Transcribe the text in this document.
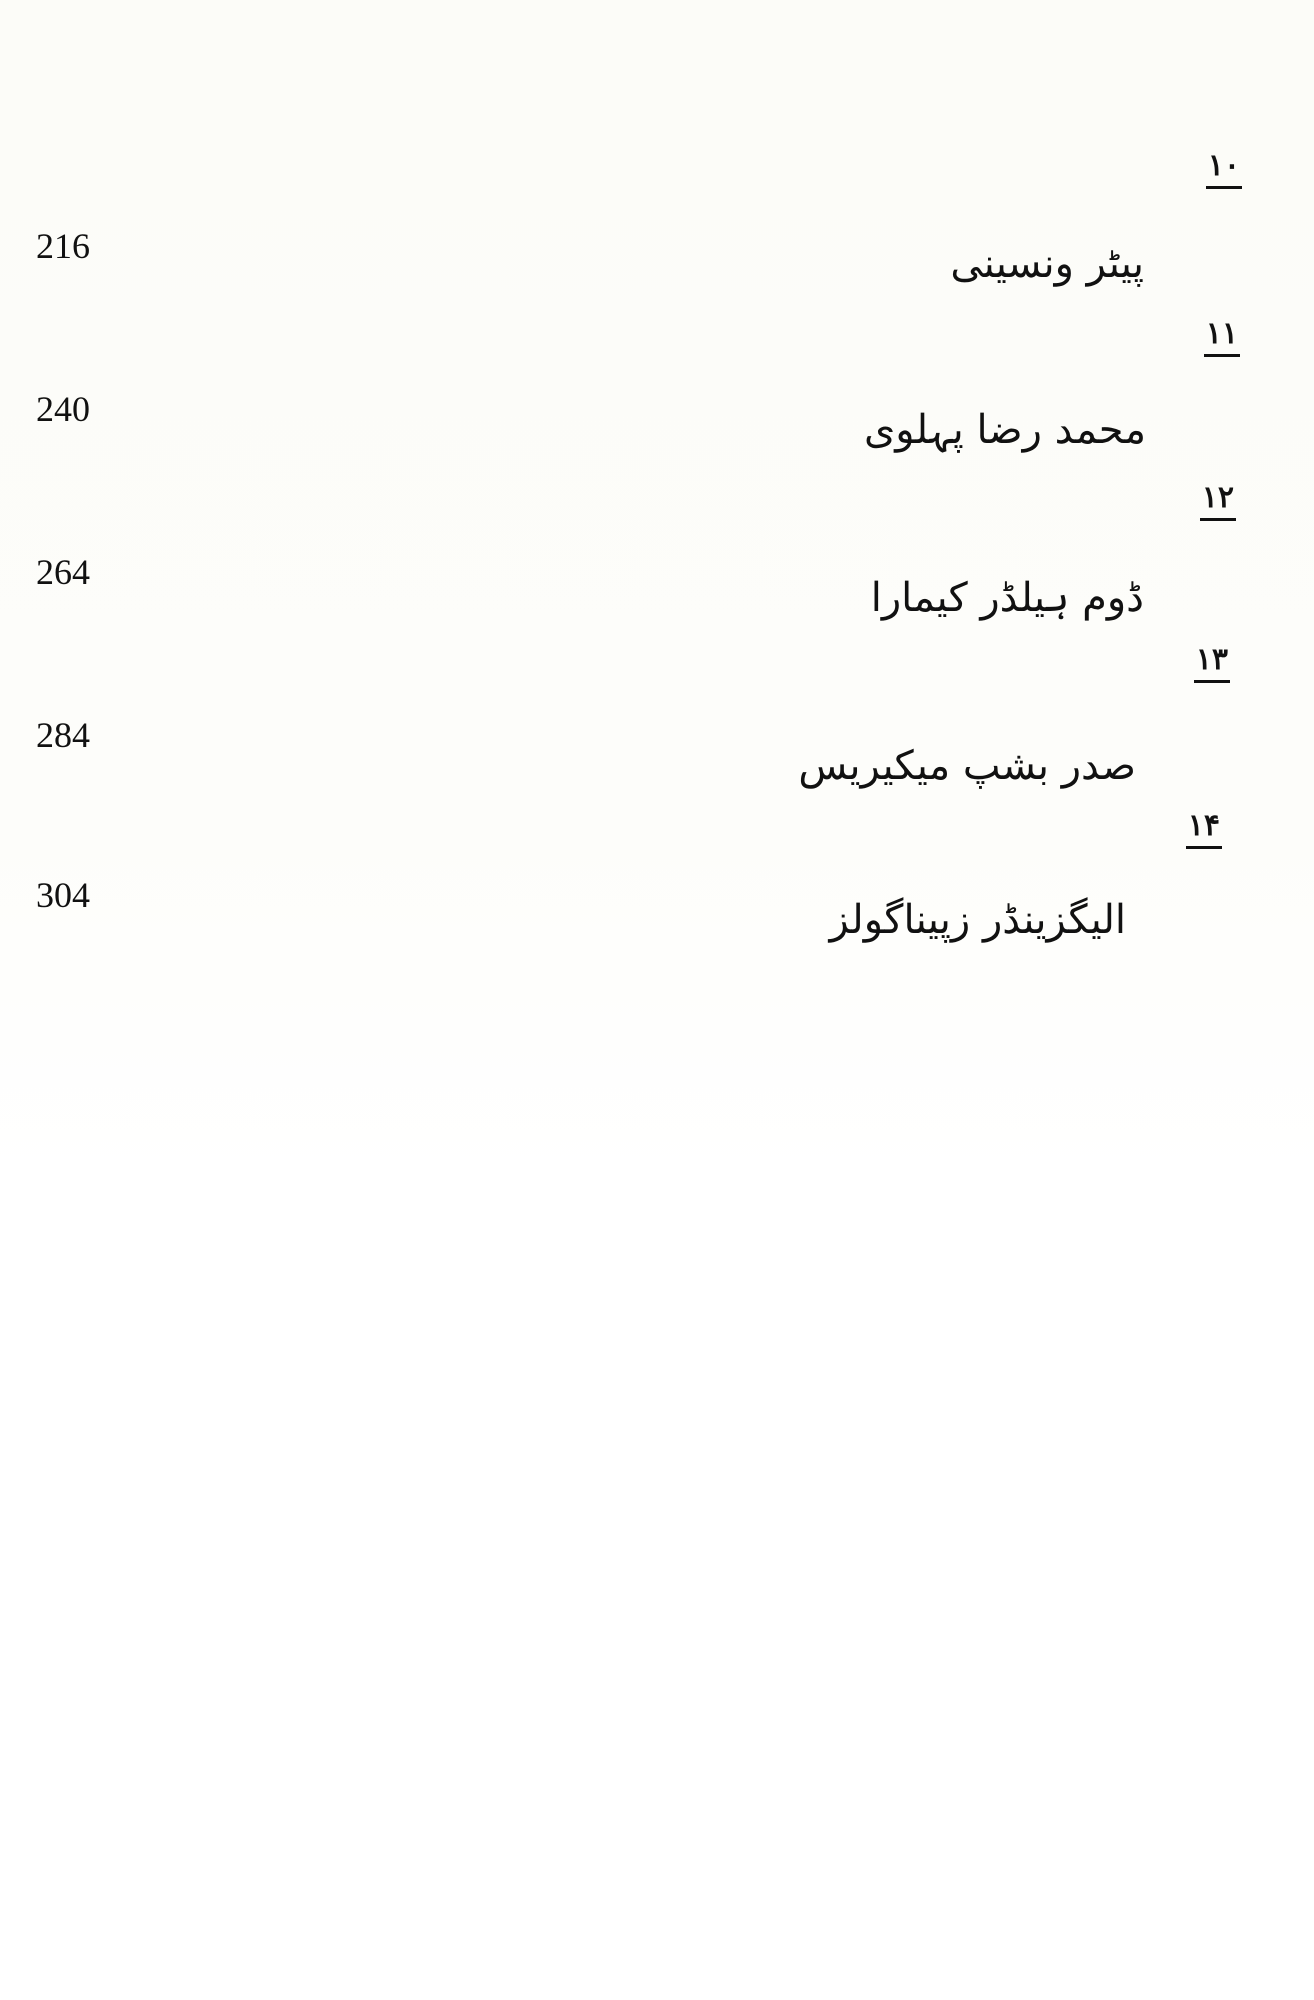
۱۰
216	پیٹر ونسینی
۱۱
240	محمد رضا پہلوی
۱۲
264
ڈوم ہیلڈر کیمارا
۱۳
284
صدر بشپ میکیریس
۱۴
304
الیگزینڈر زپیناگولز
